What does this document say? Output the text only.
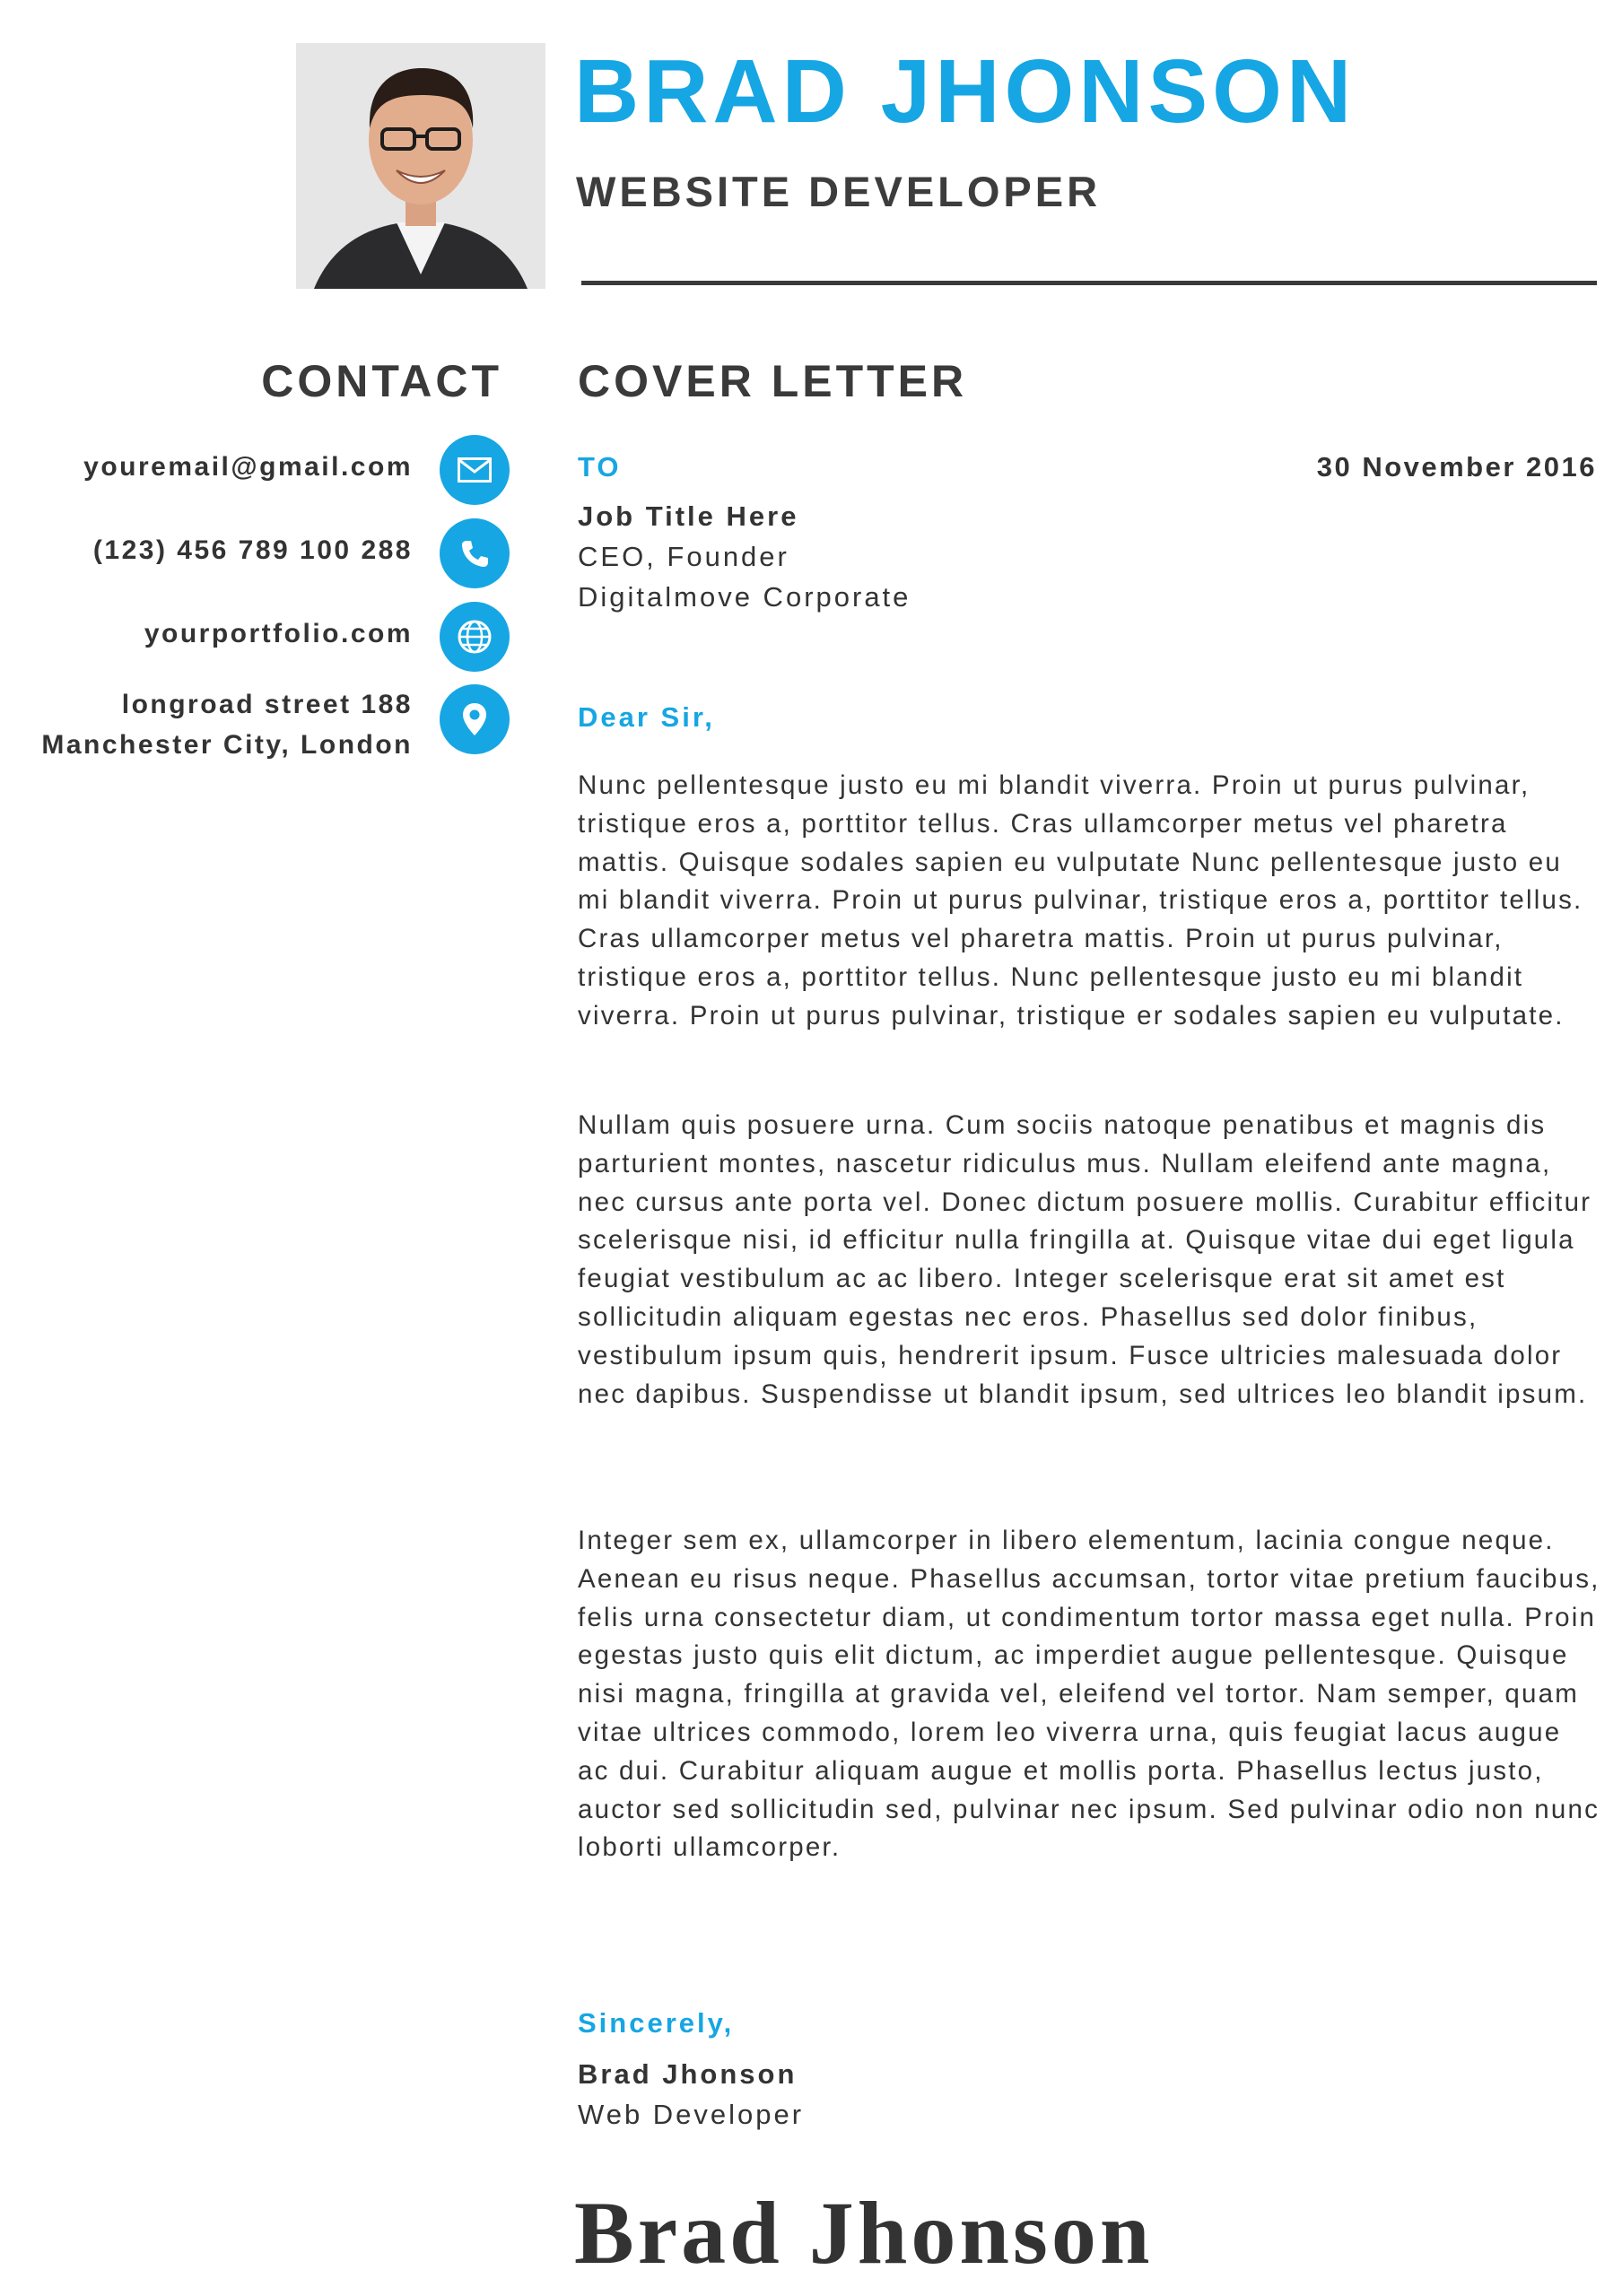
BRAD JHONSON
WEBSITE DEVELOPER
CONTACT COVER LETTER
youremail@gmail.com
(123) 456 789 100 288
yourportfolio.com
longroad street 188
Manchester City, London
TO	30 November 2016
Job Title Here
CEO, Founder
Digitalmove Corporate
Dear Sir,

Nunc pellentesque justo eu mi blandit viverra. Proin ut purus pulvinar, tristique eros a, porttitor tellus. Cras ullamcorper metus vel pharetra mattis. Quisque sodales sapien eu vulputate Nunc pellentesque justo eu mi blandit viverra. Proin ut purus pulvinar, tristique eros a, porttitor tellus. Cras ullamcorper metus vel pharetra mattis. Proin ut purus pulvinar, tristique eros a, porttitor tellus. Nunc pellentesque justo eu mi blandit viverra. Proin ut purus pulvinar, tristique er sodales sapien eu vulputate.

Nullam quis posuere urna. Cum sociis natoque penatibus et magnis dis parturient montes, nascetur ridiculus mus. Nullam eleifend ante magna, nec cursus ante porta vel. Donec dictum posuere mollis. Curabitur efficitur scelerisque nisi, id efficitur nulla fringilla at. Quisque vitae dui eget ligula feugiat vestibulum ac ac libero. Integer scelerisque erat sit amet est sollicitudin aliquam egestas nec eros. Phasellus sed dolor finibus, vestibulum ipsum quis, hendrerit ipsum. Fusce ultricies malesuada dolor nec dapibus. Suspendisse ut blandit ipsum, sed ultrices leo blandit ipsum.

Integer sem ex, ullamcorper in libero elementum, lacinia congue neque. Aenean eu risus neque. Phasellus accumsan, tortor vitae pretium faucibus, felis urna consectetur diam, ut condimentum tortor massa eget nulla. Proin egestas justo quis elit dictum, ac imperdiet augue pellentesque. Quisque nisi magna, fringilla at gravida vel, eleifend vel tortor. Nam semper, quam vitae ultrices commodo, lorem leo viverra urna, quis feugiat lacus augue ac dui. Curabitur aliquam augue et mollis porta. Phasellus lectus justo, auctor sed sollicitudin sed, pulvinar nec ipsum. Sed pulvinar odio non nunc loborti ullamcorper.

Sincerely,
Brad Jhonson
Web Developer
Brad Jhonson
